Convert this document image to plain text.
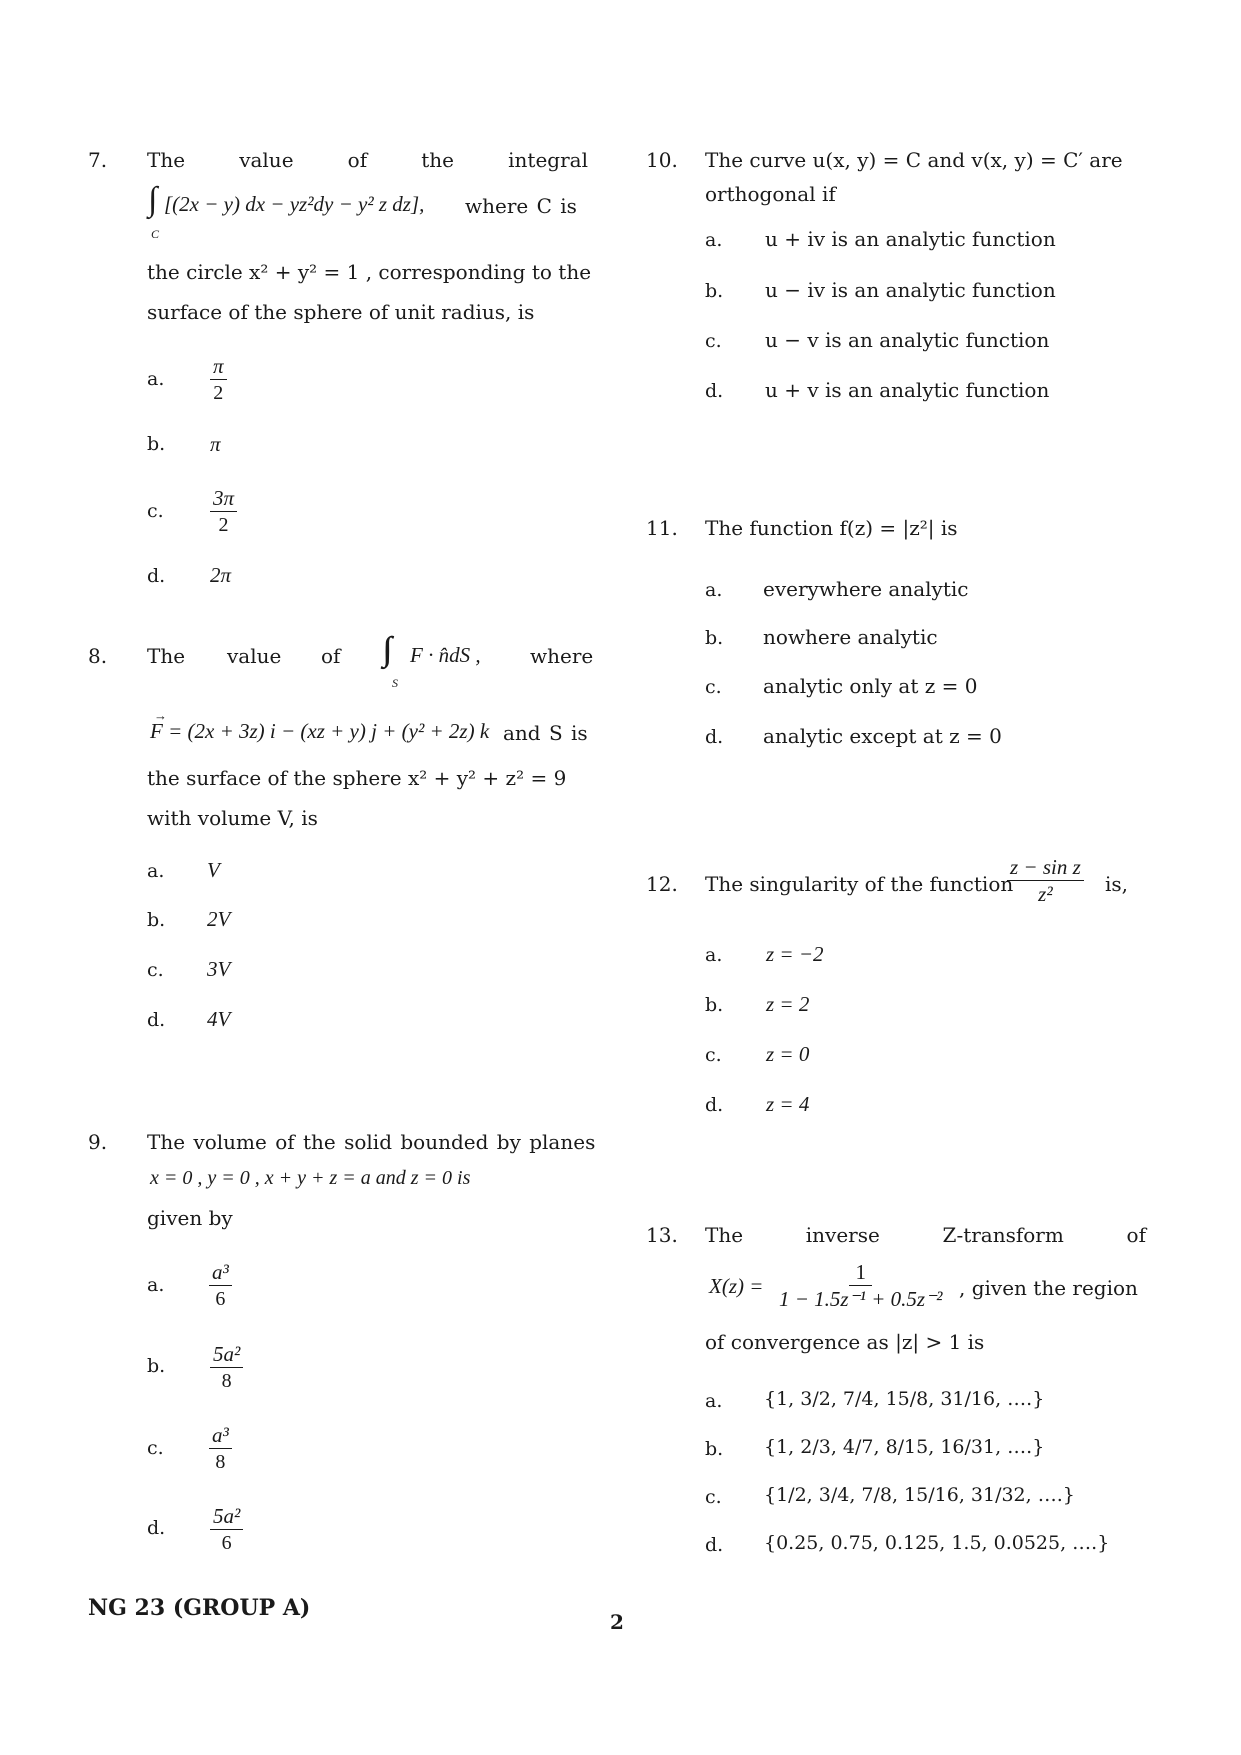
7. The	value	of	the	integral
∫
C
[(2x − y) dx − yz²dy − y² z dz], where C is
the circle x² + y² = 1 , corresponding to the
surface of the sphere of unit radius, is
a. $\frac{\pi}{2}$
b. π
c. $\frac{3\pi}{2}$
d. 2π
8. The value of
S
F · n̂dS , where
F = (2x + 3z) i − (xz + y) j + (y² + 2z) k
→
and S is
the surface of the sphere x² + y² + z² = 9
with volume V, is
a. V
b. 2V
c. 3V
d. 4V
9. The volume of the solid bounded by planes
x = 0 , y = 0 , x + y + z = a and z = 0 is
given by
a. $\frac{\text{a³}}{6}$
b. $\frac{\text{5a²}}{8}$
c. $\frac{\text{a³}}{8}$
d. $\frac{\text{5a²}}{6}$
10. The curve u(x, y) = C and v(x, y) = C′ are
orthogonal if
a. u + iv is an analytic function
b. u − iv is an analytic function
c. u − v is an analytic function
d. u + v is an analytic function
11. The function f(z) = |z²| is
a. everywhere analytic
b. nowhere analytic
c. analytic only at z = 0
d. analytic except at z = 0
12. The singularity of the function
$\frac{\text{z − sin z}}{\text{z²}}$ is,
a. z = −2
b. z = 2
c. z = 0
d. z = 4
13. The	inverse	Z-transform	of
$X(z) = \frac{1}{\text{1 − 1.5z⁻¹ + 0.5z⁻²}}$ , given the region
of convergence as |z| > 1 is
a. {1, 3/2, 7/4, 15/8, 31/16, ….}
b. {1, 2/3, 4/7, 8/15, 16/31, ….}
c. {1/2, 3/4, 7/8, 15/16, 31/32, ….}
d. {0.25, 0.75, 0.125, 1.5, 0.0525, ….}
NG 23 (GROUP A)
2
